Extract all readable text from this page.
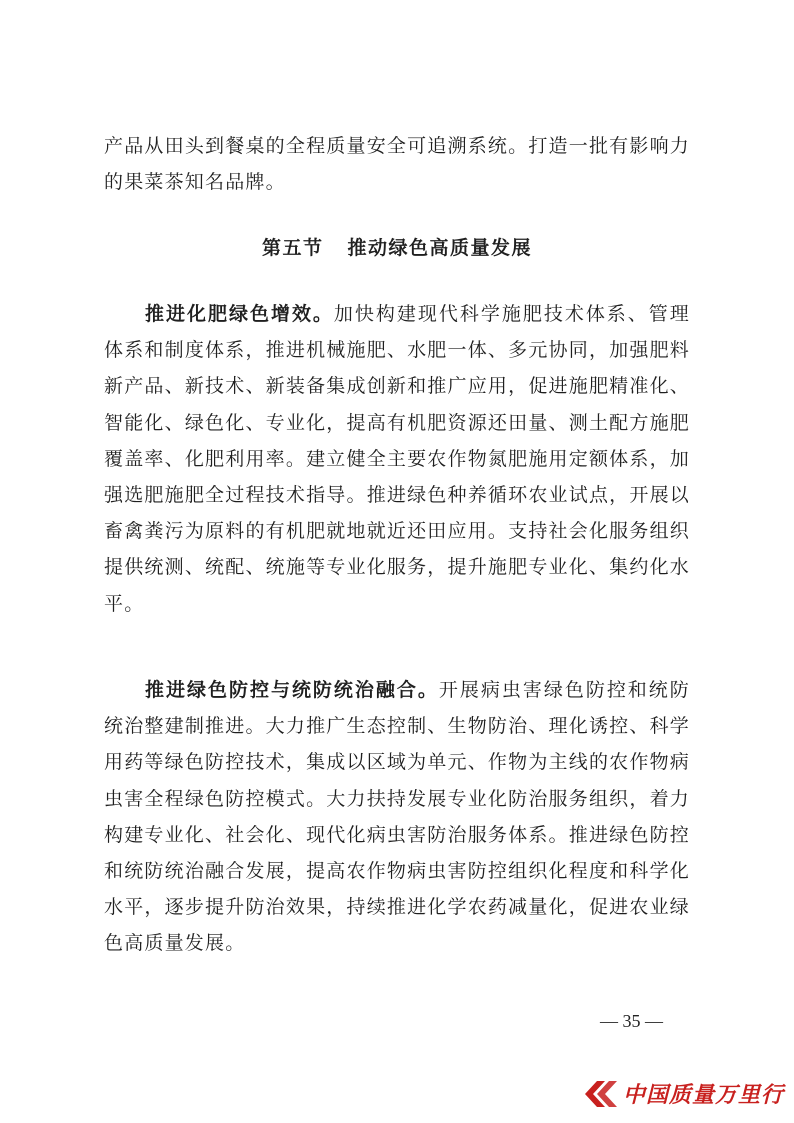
产品从田头到餐桌的全程质量安全可追溯系统。打造一批有影响力的果菜茶知名品牌。

第五节 推动绿色高质量发展

推进化肥绿色增效。加快构建现代科学施肥技术体系、管理体系和制度体系，推进机械施肥、水肥一体、多元协同，加强肥料新产品、新技术、新装备集成创新和推广应用，促进施肥精准化、智能化、绿色化、专业化，提高有机肥资源还田量、测土配方施肥覆盖率、化肥利用率。建立健全主要农作物氮肥施用定额体系，加强选肥施肥全过程技术指导。推进绿色种养循环农业试点，开展以畜禽粪污为原料的有机肥就地就近还田应用。支持社会化服务组织提供统测、统配、统施等专业化服务，提升施肥专业化、集约化水平。

推进绿色防控与统防统治融合。开展病虫害绿色防控和统防统治整建制推进。大力推广生态控制、生物防治、理化诱控、科学用药等绿色防控技术，集成以区域为单元、作物为主线的农作物病虫害全程绿色防控模式。大力扶持发展专业化防治服务组织，着力构建专业化、社会化、现代化病虫害防治服务体系。推进绿色防控和统防统治融合发展，提高农作物病虫害防控组织化程度和科学化水平，逐步提升防治效果，持续推进化学农药减量化，促进农业绿色高质量发展。

— 35 —
中国质量万里行
